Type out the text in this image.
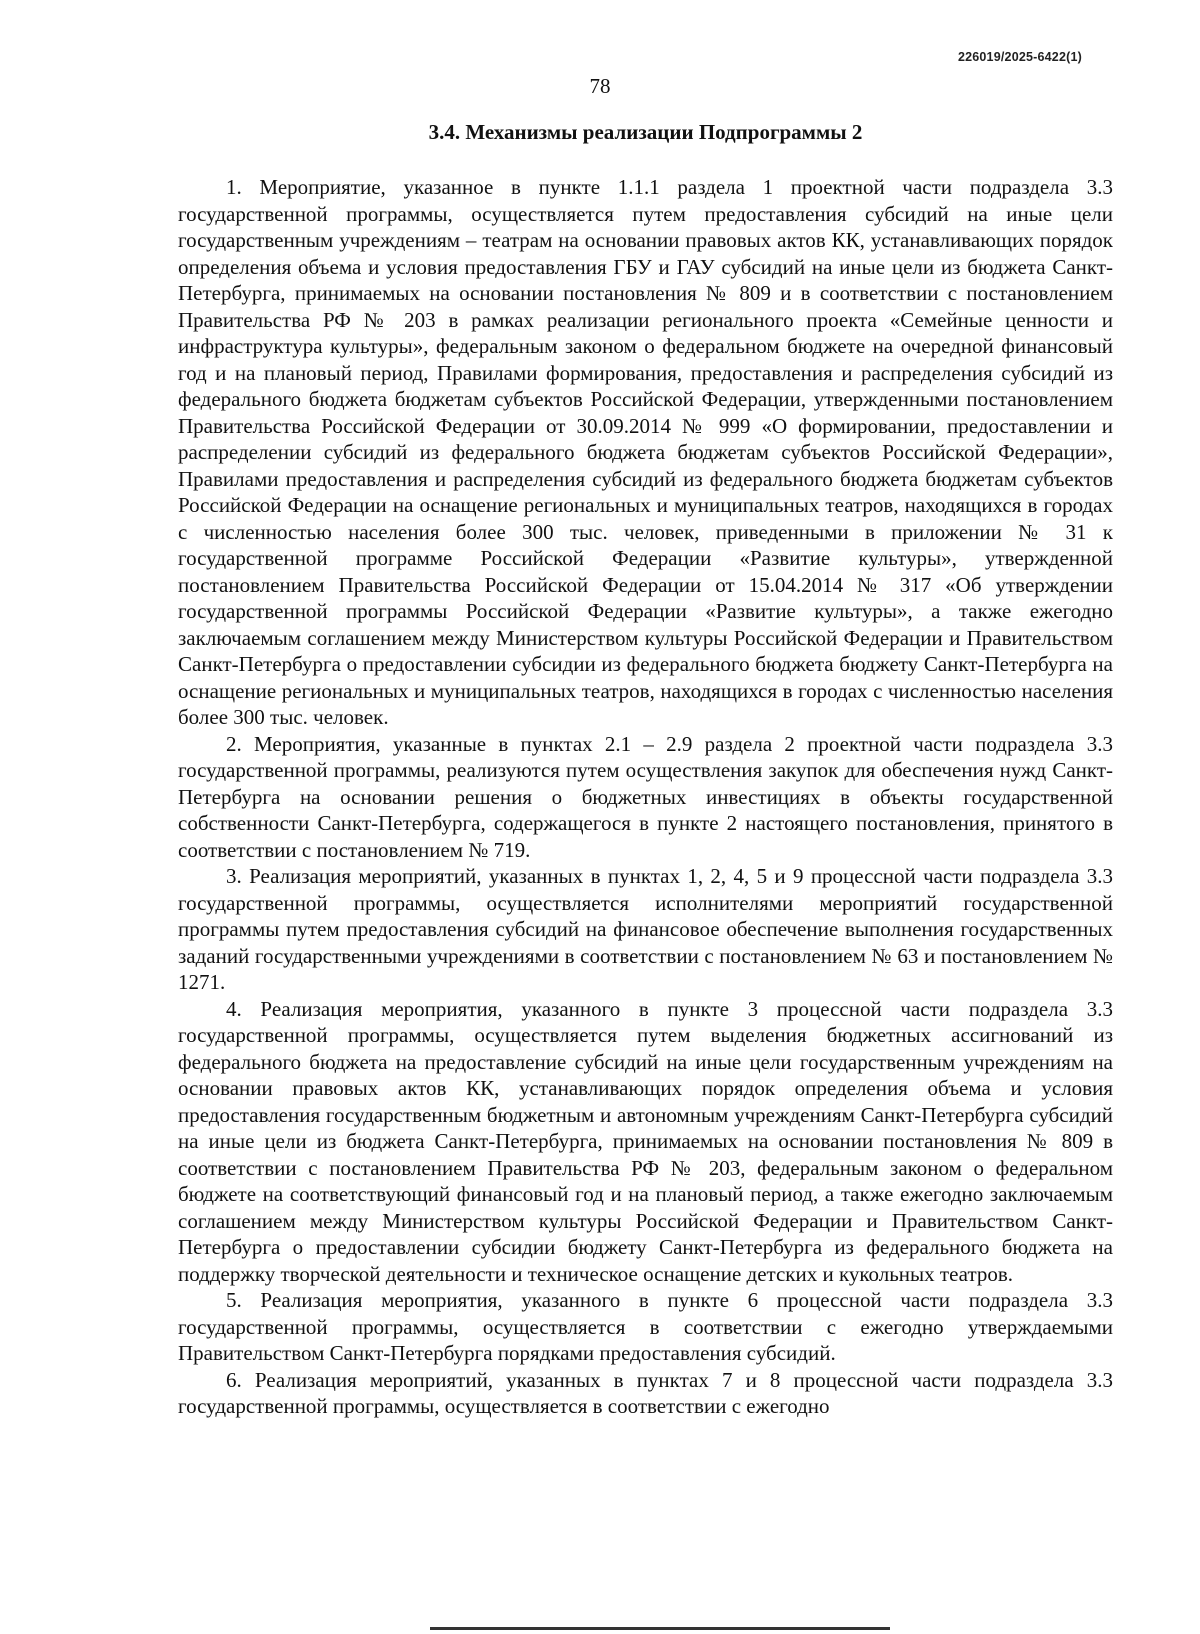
226019/2025-6422(1)
78
3.4. Механизмы реализации Подпрограммы 2

1. Мероприятие, указанное в пункте 1.1.1 раздела 1 проектной части подраздела 3.3 государственной программы, осуществляется путем предоставления субсидий на иные цели государственным учреждениям – театрам на основании правовых актов КК, устанавливающих порядок определения объема и условия предоставления ГБУ и ГАУ субсидий на иные цели из бюджета Санкт-Петербурга, принимаемых на основании постановления № 809 и в соответствии с постановлением Правительства РФ № 203 в рамках реализации регионального проекта «Семейные ценности и инфраструктура культуры», федеральным законом о федеральном бюджете на очередной финансовый год и на плановый период, Правилами формирования, предоставления и распределения субсидий из федерального бюджета бюджетам субъектов Российской Федерации, утвержденными постановлением Правительства Российской Федерации от 30.09.2014 № 999 «О формировании, предоставлении и распределении субсидий из федерального бюджета бюджетам субъектов Российской Федерации», Правилами предоставления и распределения субсидий из федерального бюджета бюджетам субъектов Российской Федерации на оснащение региональных и муниципальных театров, находящихся в городах с численностью населения более 300 тыс. человек, приведенными в приложении № 31 к государственной программе Российской Федерации «Развитие культуры», утвержденной постановлением Правительства Российской Федерации от 15.04.2014 № 317 «Об утверждении государственной программы Российской Федерации «Развитие культуры», а также ежегодно заключаемым соглашением между Министерством культуры Российской Федерации и Правительством Санкт-Петербурга о предоставлении субсидии из федерального бюджета бюджету Санкт-Петербурга на оснащение региональных и муниципальных театров, находящихся в городах с численностью населения более 300 тыс. человек.

2. Мероприятия, указанные в пунктах 2.1 – 2.9 раздела 2 проектной части подраздела 3.3 государственной программы, реализуются путем осуществления закупок для обеспечения нужд Санкт-Петербурга на основании решения о бюджетных инвестициях в объекты государственной собственности Санкт-Петербурга, содержащегося в пункте 2 настоящего постановления, принятого в соответствии с постановлением № 719.

3. Реализация мероприятий, указанных в пунктах 1, 2, 4, 5 и 9 процессной части подраздела 3.3 государственной программы, осуществляется исполнителями мероприятий государственной программы путем предоставления субсидий на финансовое обеспечение выполнения государственных заданий государственными учреждениями в соответствии с постановлением № 63 и постановлением № 1271.

4. Реализация мероприятия, указанного в пункте 3 процессной части подраздела 3.3 государственной программы, осуществляется путем выделения бюджетных ассигнований из федерального бюджета на предоставление субсидий на иные цели государственным учреждениям на основании правовых актов КК, устанавливающих порядок определения объема и условия предоставления государственным бюджетным и автономным учреждениям Санкт-Петербурга субсидий на иные цели из бюджета Санкт-Петербурга, принимаемых на основании постановления № 809 в соответствии с постановлением Правительства РФ № 203, федеральным законом о федеральном бюджете на соответствующий финансовый год и на плановый период, а также ежегодно заключаемым соглашением между Министерством культуры Российской Федерации и Правительством Санкт-Петербурга о предоставлении субсидии бюджету Санкт-Петербурга из федерального бюджета на поддержку творческой деятельности и техническое оснащение детских и кукольных театров.

5. Реализация мероприятия, указанного в пункте 6 процессной части подраздела 3.3 государственной программы, осуществляется в соответствии с ежегодно утверждаемыми Правительством Санкт-Петербурга порядками предоставления субсидий.

6. Реализация мероприятий, указанных в пунктах 7 и 8 процессной части подраздела 3.3 государственной программы, осуществляется в соответствии с ежегодно
